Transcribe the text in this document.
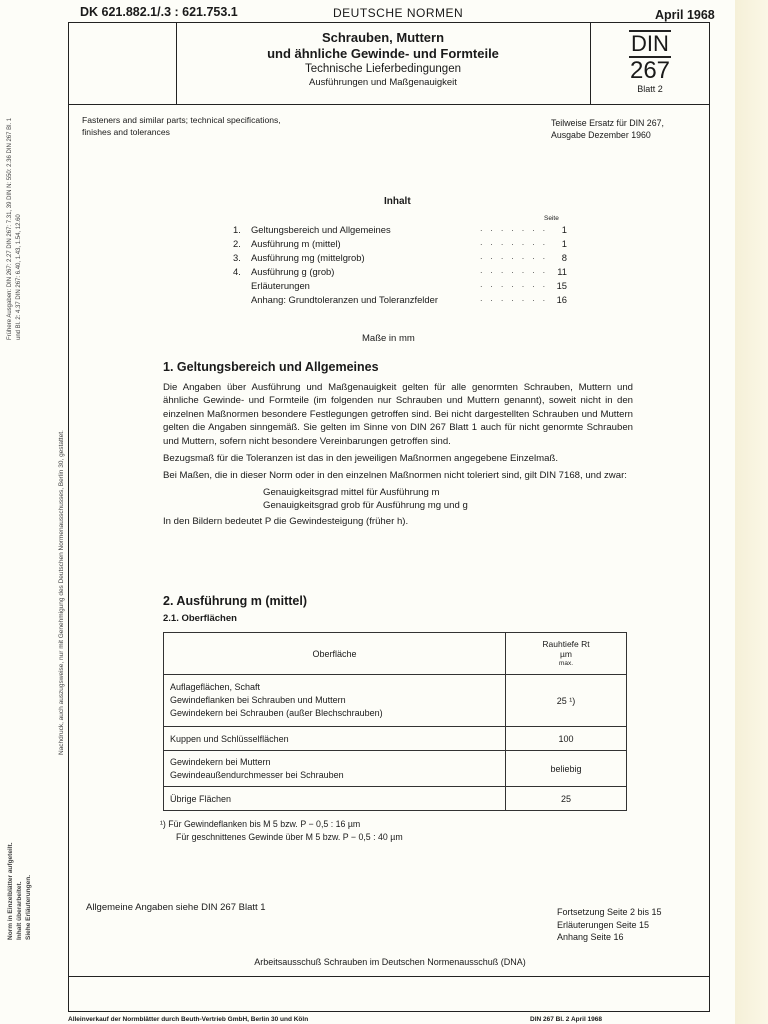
DK 621.882.1/.3 : 621.753.1	DEUTSCHE NORMEN	April 1968
Schrauben, Muttern
und ähnliche Gewinde- und Formteile
Technische Lieferbedingungen
Ausführungen und Maßgenauigkeit
DIN
267
Blatt 2
Fasteners and similar parts; technical specifications,
finishes and tolerances
Teilweise Ersatz für DIN 267,
Ausgabe Dezember 1960
Inhalt
Seite
1. Geltungsbereich und Allgemeines	. . . . . . .	1
2. Ausführung m (mittel)	. . . . . . .	1
3. Ausführung mg (mittelgrob)	. . . . . . .	8
4. Ausführung g (grob)	. . . . . . . 11
Erläuterungen	. . . . . . . 15
Anhang: Grundtoleranzen und Toleranzfelder	. . . . . . . 16
Maße in mm
1. Geltungsbereich und Allgemeines
Die Angaben über Ausführung und Maßgenauigkeit gelten für alle genormten Schrauben, Muttern und ähnliche Gewinde- und Formteile (im folgenden nur Schrauben und Muttern genannt), soweit nicht in den einzelnen Maßnormen besondere Festlegungen getroffen sind. Bei nicht dargestellten Schrauben und Muttern gelten die Angaben sinngemäß. Sie gelten im Sinne von DIN 267 Blatt 1 auch für nicht genormte Schrauben und Muttern, sofern nicht besondere Vereinbarungen getroffen sind.
Bezugsmaß für die Toleranzen ist das in den jeweiligen Maßnormen angegebene Einzelmaß.
Bei Maßen, die in dieser Norm oder in den einzelnen Maßnormen nicht toleriert sind, gilt DIN 7168, und zwar:
Genauigkeitsgrad mittel für Ausführung m
Genauigkeitsgrad grob für Ausführung mg und g
In den Bildern bedeutet P die Gewindesteigung (früher h).
2. Ausführung m (mittel)
2.1. Oberflächen
Oberfläche	Rauhtiefe Rt
µm
max.

Auflageflächen, Schaft
Gewindeflanken bei Schrauben und Muttern
Gewindekern bei Schrauben (außer Blechschrauben)	25 ¹)
Kuppen und Schlüsselflächen	100

Gewindekern bei Muttern
Gewindeaußendurchmesser bei Schrauben	beliebig
Übrige Flächen	25
¹) Für Gewindeflanken bis M 5 bzw. P − 0,5 : 16 µm
Für geschnittenes Gewinde über M 5 bzw. P − 0,5 : 40 µm
Allgemeine Angaben siehe DIN 267 Blatt 1	Fortsetzung Seite 2 bis 15
Erläuterungen Seite 15
Anhang Seite 16
Arbeitsausschuß Schrauben im Deutschen Normenausschuß (DNA)
Alleinverkauf der Normblätter durch Beuth-Vertrieb GmbH, Berlin 30 und Köln	DIN 267 Bl. 2 April 1968
Nachdruck, auch auszugsweise, nur mit Genehmigung des Deutschen Normenausschusses, Berlin 30, gestattet.
Frühere Ausgaben: DIN 267: 2.27 DIN 267: 7.31, 39 DIN N: 550: 2.36 DIN 267 Bl. 1 und Bl. 2: 4.37 DIN 267: 6.40, 1.43, 1.54, 12.60
Norm in Einzelblätter aufgeteilt. Inhalt überarbeitet. Siehe Erläuterungen.
